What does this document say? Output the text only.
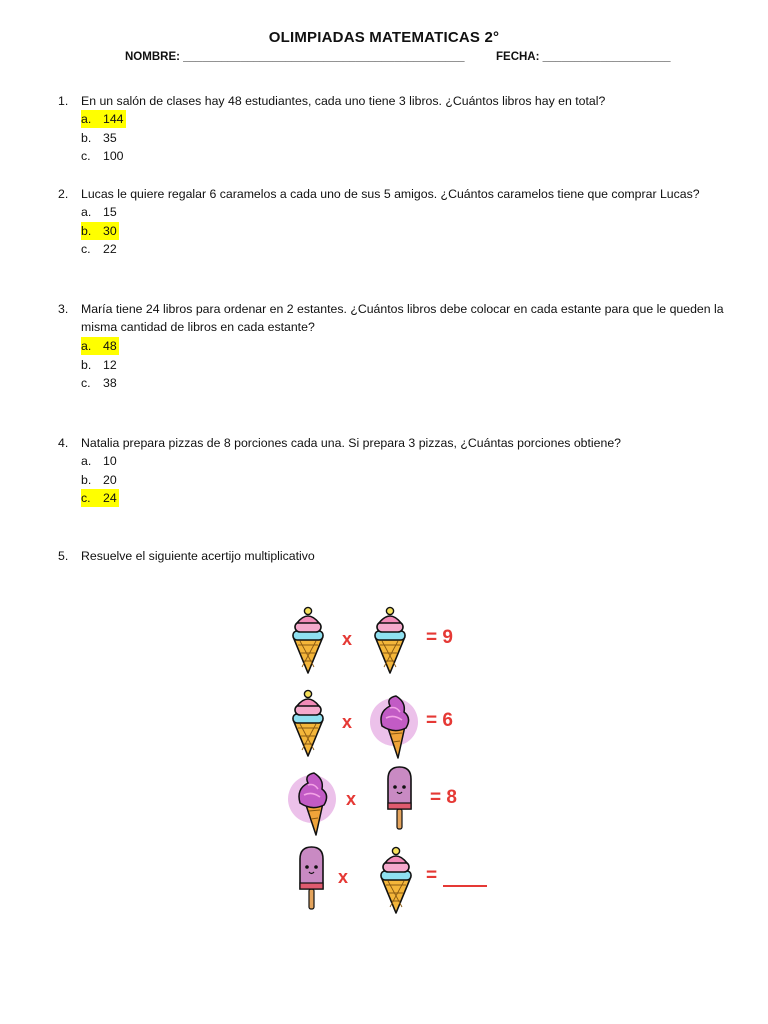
OLIMPIADAS MATEMATICAS 2°
NOMBRE: ____________________________________________	FECHA: ____________________
1. En un salón de clases hay 48 estudiantes, cada uno tiene 3 libros. ¿Cuántos libros hay en total?
a. 144
b. 35
c. 100
2. Lucas le quiere regalar 6 caramelos a cada uno de sus 5 amigos. ¿Cuántos caramelos tiene que comprar Lucas?
a. 15
b. 30
c. 22
3. María tiene 24 libros para ordenar en 2 estantes. ¿Cuántos libros debe colocar en cada estante para que le queden la misma cantidad de libros en cada estante?
a. 48
b. 12
c. 38
4. Natalia prepara pizzas de 8 porciones cada una. Si prepara 3 pizzas, ¿Cuántas porciones obtiene?
a. 10
b. 20
c. 24
5. Resuelve el siguiente acertijo multiplicativo
x	= 9
x	= 6
x	= 8
x	=
